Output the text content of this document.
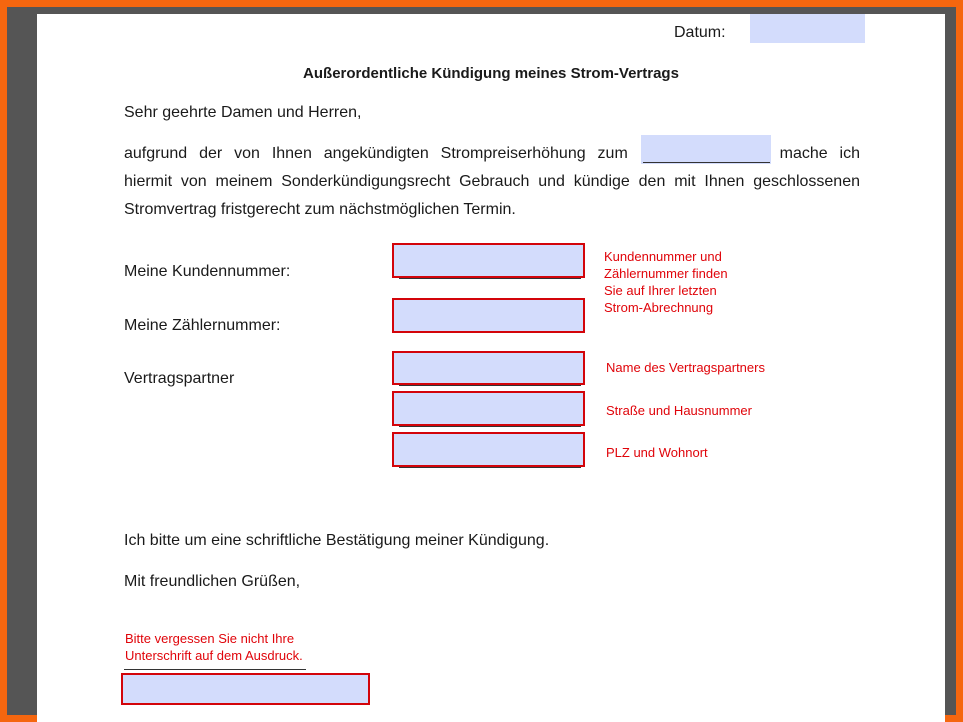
Datum:
Außerordentliche Kündigung meines Strom-Vertrags
Sehr geehrte Damen und Herren,
aufgrund der von Ihnen angekündigten Strompreiserhöhung zum	mache ich
hiermit von meinem Sonderkündigungsrecht Gebrauch und kündige den mit Ihnen geschlossenen
Stromvertrag fristgerecht zum nächstmöglichen Termin.
Meine Kundennummer:
Meine Zählernummer:
Kundennummer und
Zählernummer finden
Sie auf Ihrer letzten
Strom-Abrechnung
Vertragspartner
Name des Vertragspartners
Straße und Hausnummer
PLZ und Wohnort
Ich bitte um eine schriftliche Bestätigung meiner Kündigung.
Mit freundlichen Grüßen,
Bitte vergessen Sie nicht Ihre
Unterschrift auf dem Ausdruck.
